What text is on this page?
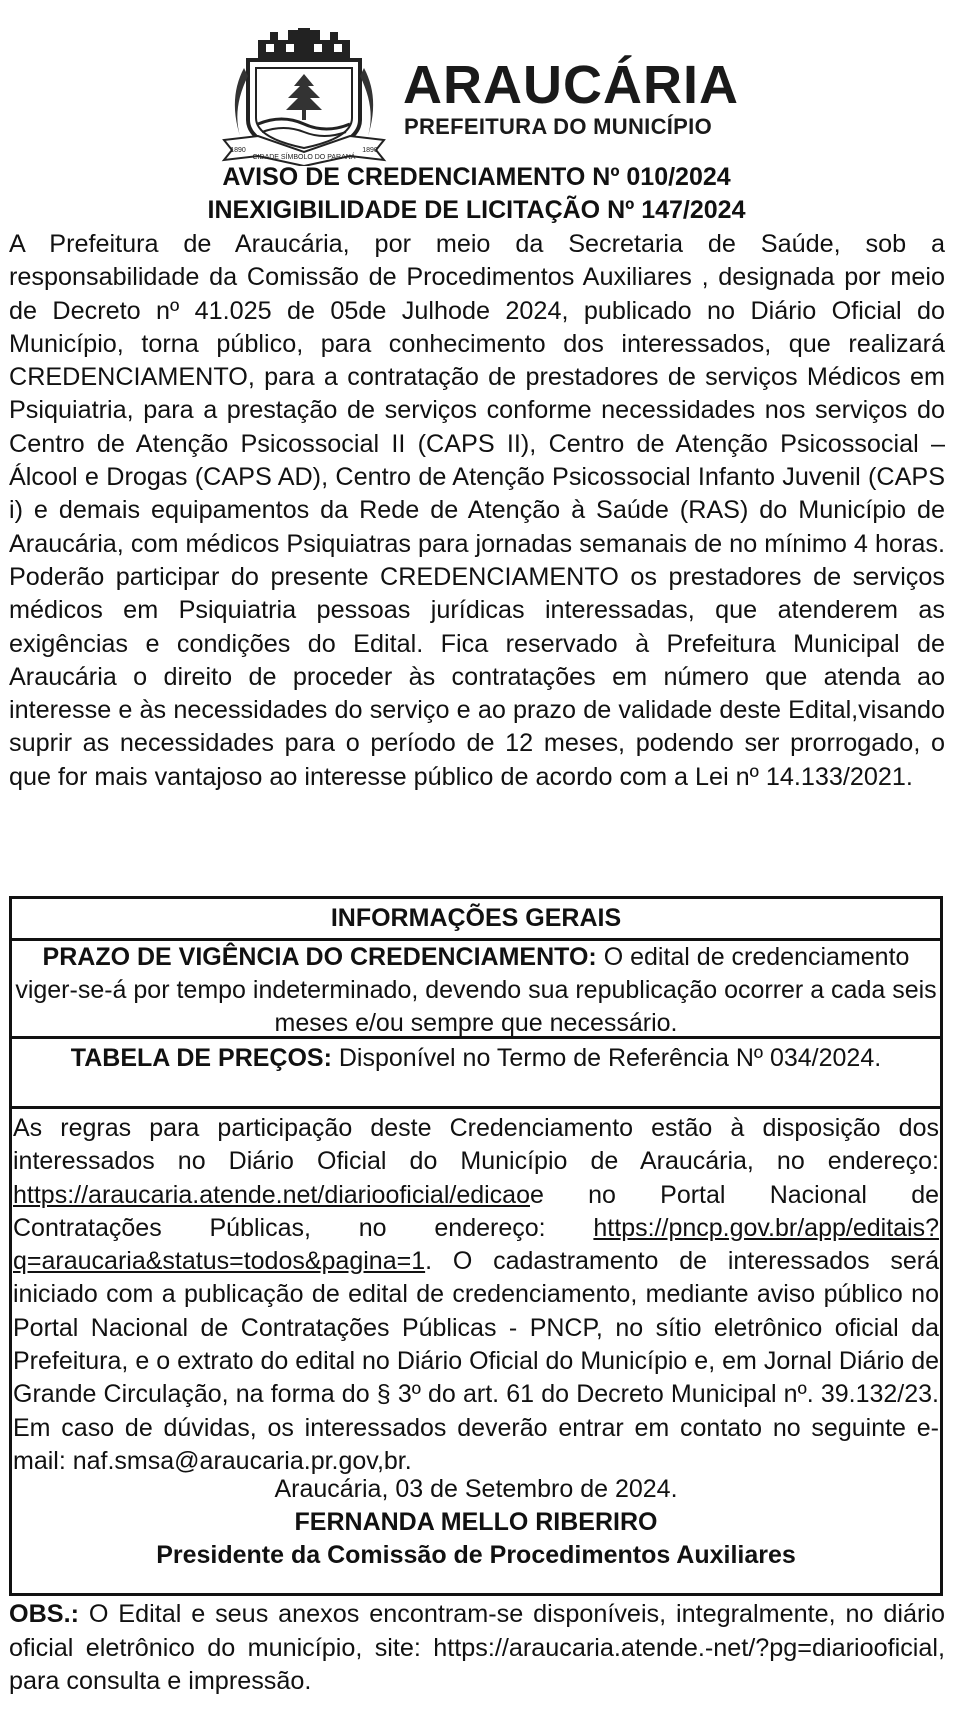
CIDADE SÍMBOLO DO PARANÁ
1890	1890
ARAUCÁRIA
PREFEITURA DO MUNICÍPIO
AVISO DE CREDENCIAMENTO Nº 010/2024
INEXIGIBILIDADE DE LICITAÇÃO Nº 147/2024
A Prefeitura de Araucária, por meio da Secretaria de Saúde, sob a responsabilidade da Comissão de Procedimentos Auxiliares , designada por meio de Decreto nº 41.025 de 05de Julhode 2024, publicado no Diário Oficial do Município, torna público, para conhecimento dos interessados, que realizará CREDENCIAMENTO, para a contratação de prestadores de serviços Médicos em Psiquiatria, para a prestação de serviços conforme necessidades nos serviços do Centro de Atenção Psicossocial II (CAPS II), Centro de Atenção Psicossocial – Álcool e Drogas (CAPS AD), Centro de Atenção Psicossocial Infanto Juvenil (CAPS i) e demais equipamentos da Rede de Atenção à Saúde (RAS) do Município de Araucária, com médicos Psiquiatras para jornadas semanais de no mínimo 4 horas. Poderão participar do presente CREDENCIAMENTO os prestadores de serviços médicos em Psiquiatria pessoas jurídicas interessadas, que atenderem as exigências e condições do Edital. Fica reservado à Prefeitura Municipal de Araucária o direito de proceder às contratações em número que atenda ao interesse e às necessidades do serviço e ao prazo de validade deste Edital,visando suprir as necessidades para o período de 12 meses, podendo ser prorrogado, o que for mais vantajoso ao interesse público de acordo com a Lei nº 14.133/2021.
INFORMAÇÕES GERAIS
PRAZO DE VIGÊNCIA DO CREDENCIAMENTO: O edital de credenciamento viger-se-á por tempo indeterminado, devendo sua republicação ocorrer a cada seis meses e/ou sempre que necessário.
TABELA DE PREÇOS: Disponível no Termo de Referência Nº 034/2024.
As regras para participação deste Credenciamento estão à disposição dos interessados no Diário Oficial do Município de Araucária, no endereço: https://araucaria.atende.net/diariooficial/edicaoe no Portal Nacional de Contratações Públicas, no endereço: https://pncp.gov.br/app/editais?q=araucaria&status=todos&pagina=1. O cadastramento de interessados será iniciado com a publicação de edital de credenciamento, mediante aviso público no Portal Nacional de Contratações Públicas - PNCP, no sítio eletrônico oficial da Prefeitura, e o extrato do edital no Diário Oficial do Município e, em Jornal Diário de Grande Circulação, na forma do § 3º do art. 61 do Decreto Municipal nº. 39.132/23. Em caso de dúvidas, os interessados deverão entrar em contato no seguinte e-mail: naf.smsa@araucaria.pr.gov,br.
Araucária, 03 de Setembro de 2024.
FERNANDA MELLO RIBERIRO
Presidente da Comissão de Procedimentos Auxiliares
OBS.: O Edital e seus anexos encontram-se disponíveis, integralmente, no diário oficial eletrônico do município, site: https://araucaria.atende.-net/?pg=diariooficial, para consulta e impressão.
